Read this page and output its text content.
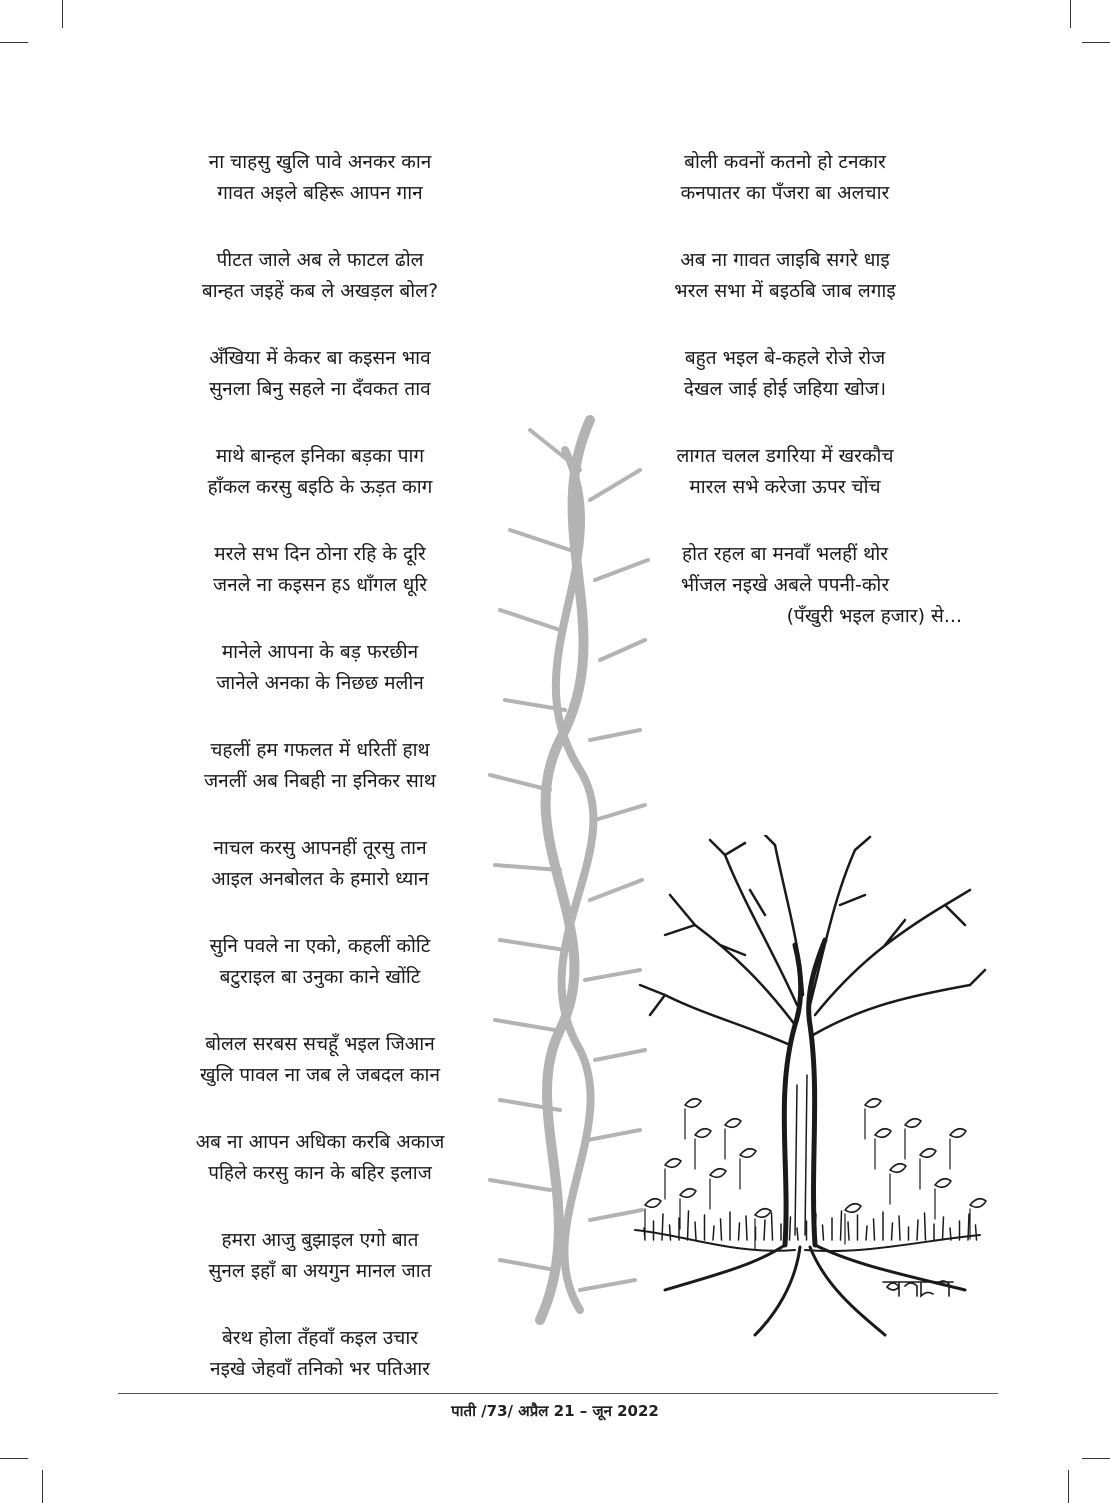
ना चाहसु खुलि पावे अनकर कान
गावत अइले बहिरू आपन गान
पीटत जाले अब ले फाटल ढोल
बान्हत जइहें कब ले अखड़ल बोल?
अँखिया में केकर बा कइसन भाव
सुनला बिनु सहले ना दँवकत ताव
माथे बान्हल इनिका बड़का पाग
हाँकल करसु बइठि के ऊड़त काग
मरले सभ दिन ठोना रहि के दूरि
जनले ना कइसन हऽ धाँगल धूरि
मानेले आपना के बड़ फरछीन
जानेले अनका के निछछ मलीन
चहलीं हम गफलत में धरितीं हाथ
जनलीं अब निबही ना इनिकर साथ
नाचल करसु आपनहीं तूरसु तान
आइल अनबोलत के हमारो ध्यान
सुनि पवले ना एको, कहलीं कोटि
बटुराइल बा उनुका काने खोंटि
बोलल सरबस सचहूँ भइल जिआन
खुलि पावल ना जब ले जबदल कान
अब ना आपन अधिका करबि अकाज
पहिले करसु कान के बहिर इलाज
हमरा आजु बुझाइल एगो बात
सुनल इहाँ बा अयगुन मानल जात
बेरथ होला तँहवाँ कइल उचार
नइखे जेहवाँ तनिको भर पतिआर
बोली कवनों कतनो हो टनकार
कनपातर का पँजरा बा अलचार
अब ना गावत जाइबि सगरे धाइ
भरल सभा में बइठबि जाब लगाइ
बहुत भइल बे-कहले रोजे रोज
देखल जाई होई जहिया खोज।
लागत चलल डगरिया में खरकौच
मारल सभे करेजा ऊपर चोंच
होत रहल बा मनवाँ भलहीं थोर
भींजल नइखे अबले पपनी-कोर
(पँखुरी भइल हजार) से...
पाती /73/ अप्रैल 21 – जून 2022
